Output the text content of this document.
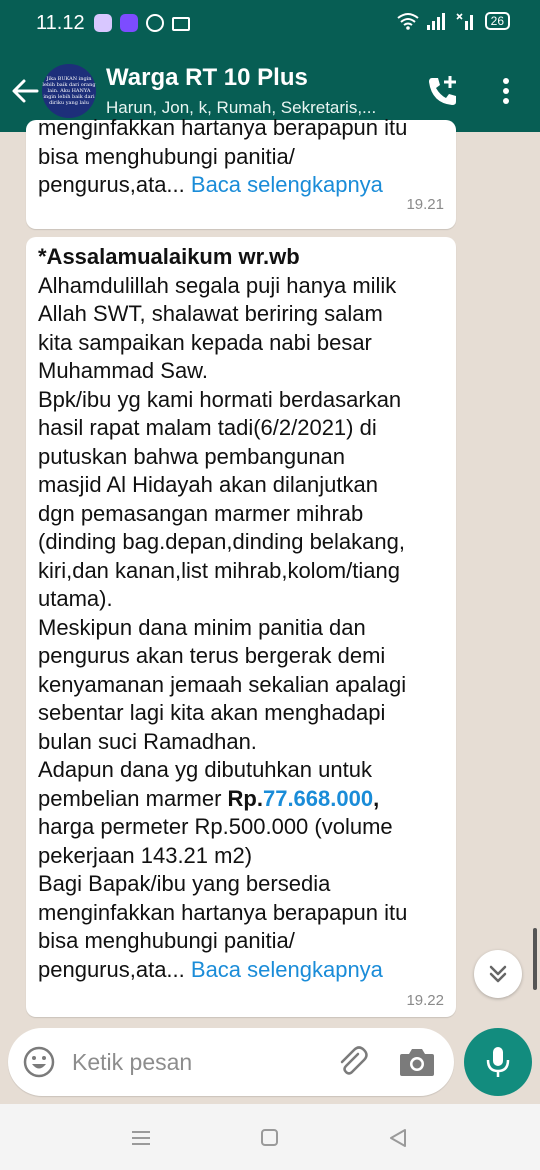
11.12	26
Jika BUKAN ingin lebih baik dari orang lain. Aku HANYA ingin lebih baik dari diriku yang lalu
Warga RT 10 Plus
Harun, Jon, k, Rumah, Sekretaris,...
menginfakkan hartanya berapapun itu
bisa menghubungi panitia/
pengurus,ata... Baca selengkapnya
19.21
*Assalamualaikum wr.wb
Alhamdulillah segala puji hanya milik
Allah SWT, shalawat beriring salam
kita sampaikan kepada nabi besar
Muhammad Saw.
Bpk/ibu yg kami hormati berdasarkan
hasil rapat malam tadi(6/2/2021) di
putuskan bahwa pembangunan
masjid Al Hidayah akan dilanjutkan
dgn pemasangan marmer mihrab
(dinding bag.depan,dinding belakang,
kiri,dan kanan,list mihrab,kolom/tiang
utama).
Meskipun dana minim panitia dan
pengurus akan terus bergerak demi
kenyamanan jemaah sekalian apalagi
sebentar lagi kita akan menghadapi
bulan suci Ramadhan.
Adapun dana yg dibutuhkan untuk
pembelian marmer Rp.77.668.000,
harga permeter Rp.500.000 (volume
pekerjaan 143.21 m2)
Bagi Bapak/ibu yang bersedia
menginfakkan hartanya berapapun itu
bisa menghubungi panitia/
pengurus,ata... Baca selengkapnya
19.22
Ketik pesan
